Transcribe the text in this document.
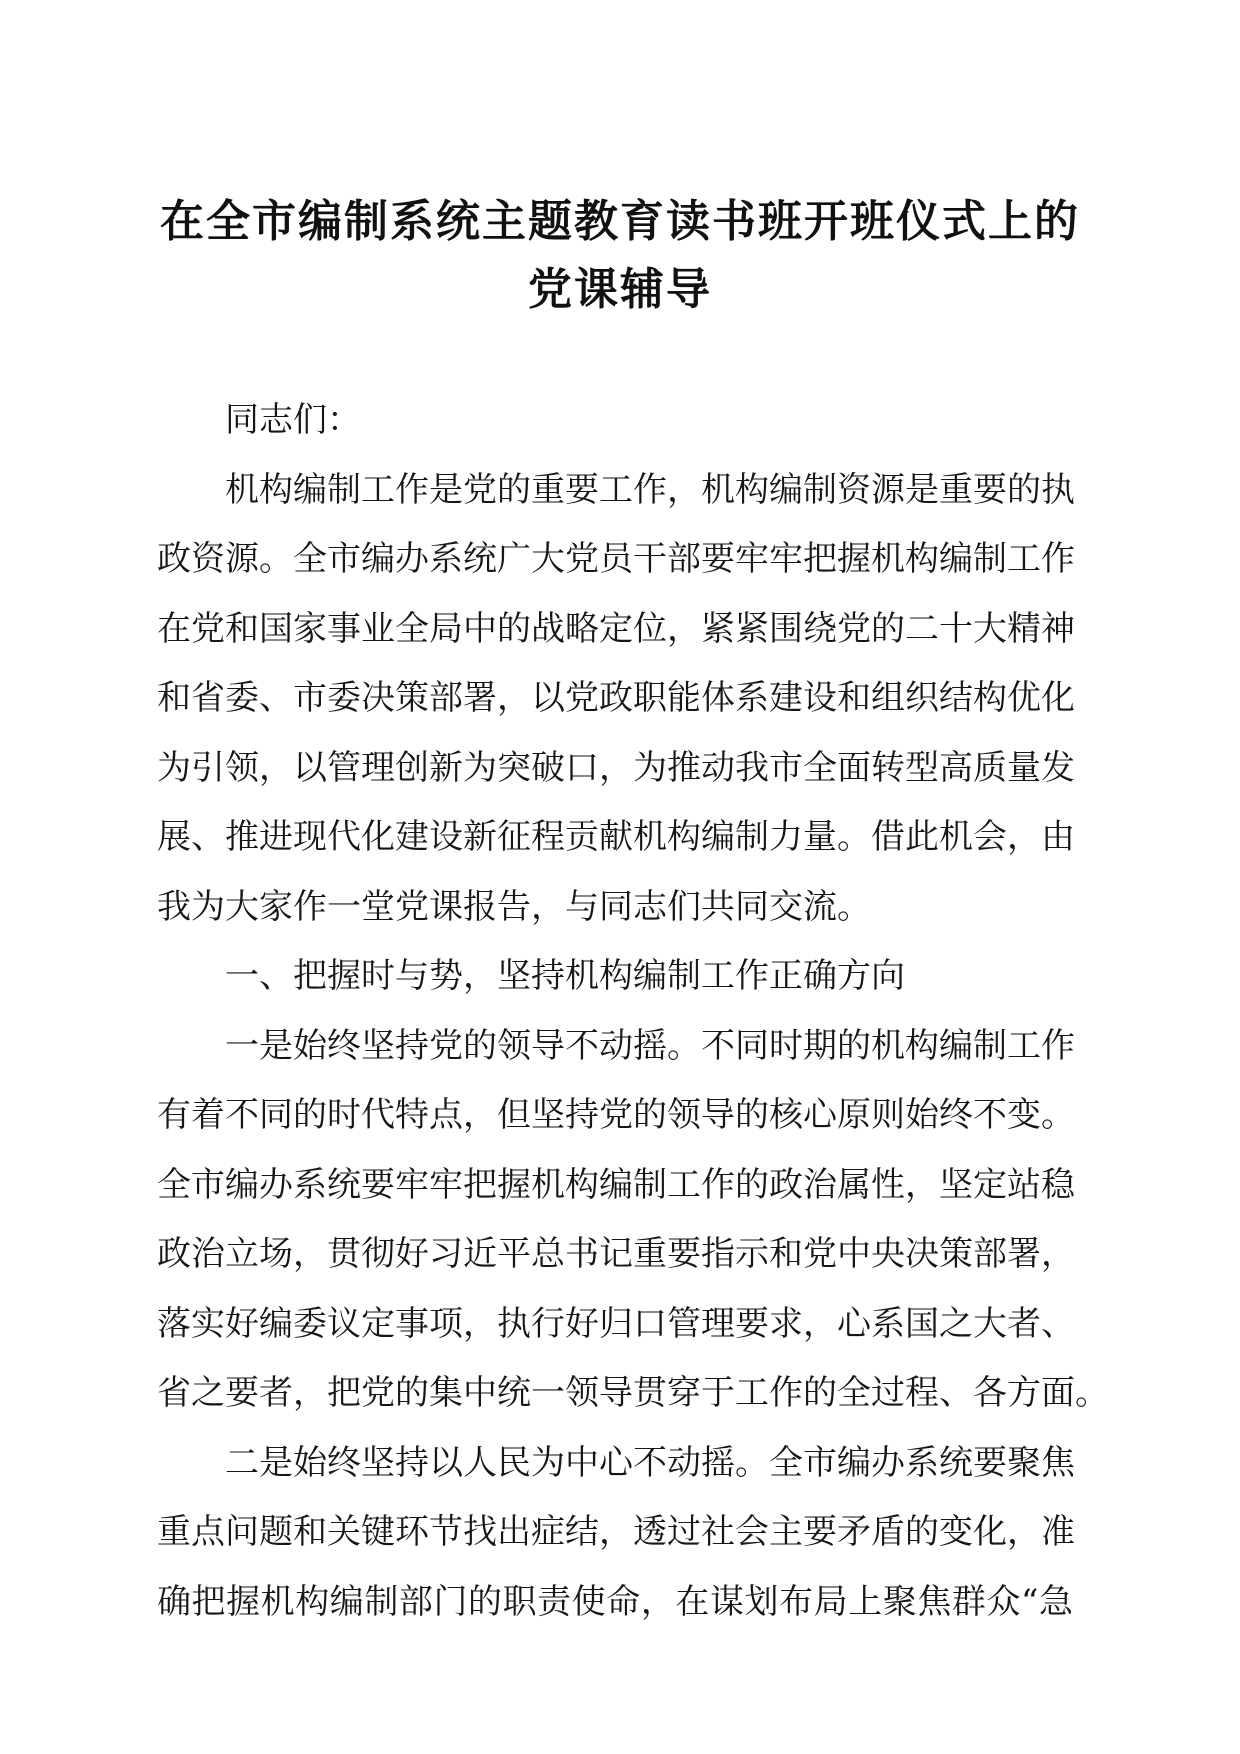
在全市编制系统主题教育读书班开班仪式上的
党课辅导

同志们：

机构编制工作是党的重要工作，机构编制资源是重要的执
政资源。全市编办系统广大党员干部要牢牢把握机构编制工作
在党和国家事业全局中的战略定位，紧紧围绕党的二十大精神
和省委、市委决策部署，以党政职能体系建设和组织结构优化
为引领，以管理创新为突破口，为推动我市全面转型高质量发
展、推进现代化建设新征程贡献机构编制力量。借此机会，由
我为大家作一堂党课报告，与同志们共同交流。

一、把握时与势，坚持机构编制工作正确方向

一是始终坚持党的领导不动摇。不同时期的机构编制工作
有着不同的时代特点，但坚持党的领导的核心原则始终不变。
全市编办系统要牢牢把握机构编制工作的政治属性，坚定站稳
政治立场，贯彻好习近平总书记重要指示和党中央决策部署，
落实好编委议定事项，执行好归口管理要求，心系国之大者、
省之要者，把党的集中统一领导贯穿于工作的全过程、各方面。

二是始终坚持以人民为中心不动摇。全市编办系统要聚焦
重点问题和关键环节找出症结，透过社会主要矛盾的变化，准
确把握机构编制部门的职责使命，在谋划布局上聚焦群众“急
